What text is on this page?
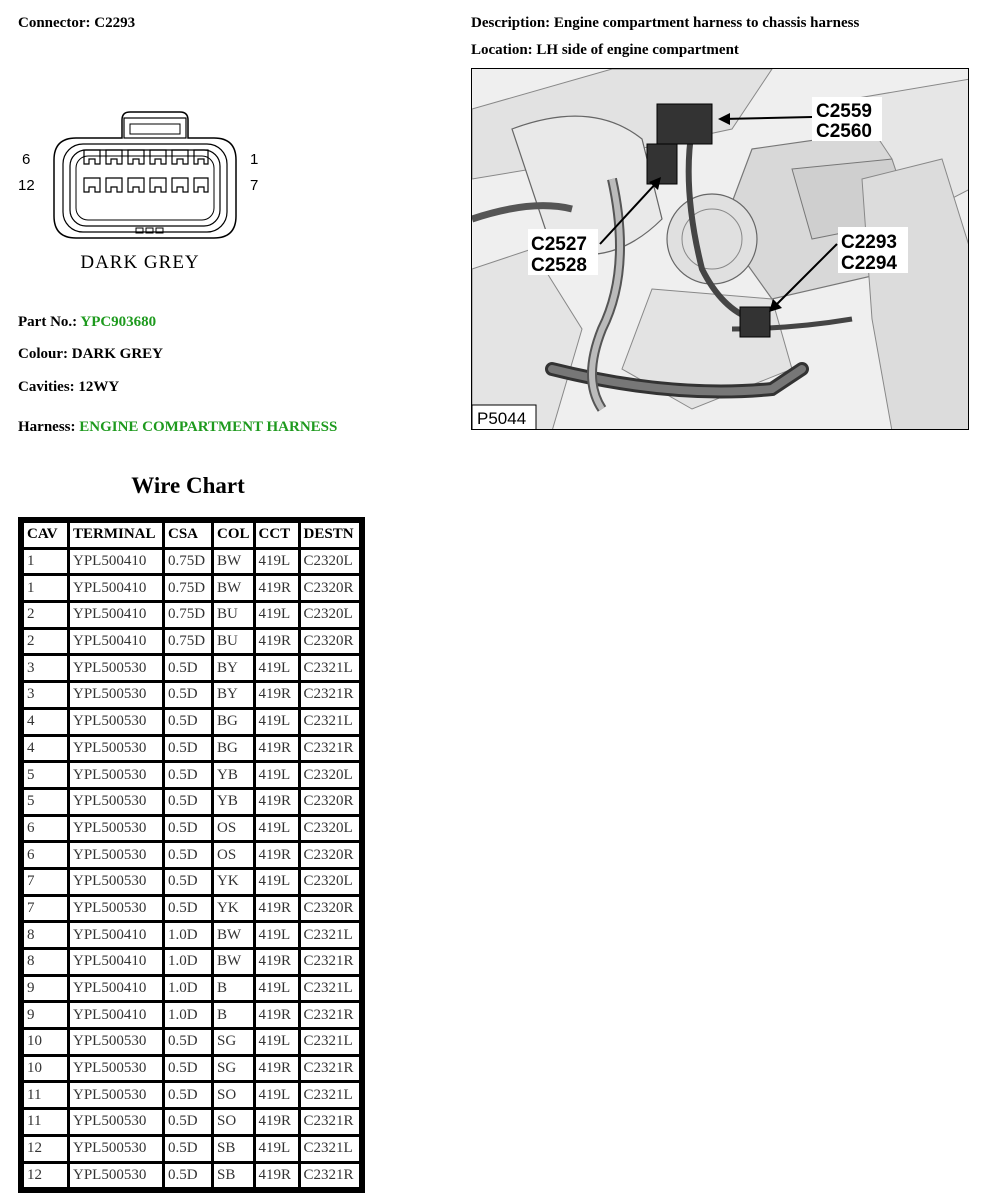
Connector: C2293	Description: Engine compartment harness to chassis harness
Location: LH side of engine compartment
6
12
1
7
DARK GREY
Part No.: YPC903680
Colour: DARK GREY
Cavities: 12WY
Harness: ENGINE COMPARTMENT HARNESS
C2559
C2560
C2527
C2528
C2293
C2294
P5044
Wire Chart
CAV	TERMINAL	CSA	COL	CCT	DESTN
1	YPL500410	0.75D	BW	419L	C2320L
1	YPL500410	0.75D	BW	419R	C2320R
2	YPL500410	0.75D	BU	419L	C2320L
2	YPL500410	0.75D	BU	419R	C2320R
3	YPL500530	0.5D	BY	419L	C2321L
3	YPL500530	0.5D	BY	419R	C2321R
4	YPL500530	0.5D	BG	419L	C2321L
4	YPL500530	0.5D	BG	419R	C2321R
5	YPL500530	0.5D	YB	419L	C2320L
5	YPL500530	0.5D	YB	419R	C2320R
6	YPL500530	0.5D	OS	419L	C2320L
6	YPL500530	0.5D	OS	419R	C2320R
7	YPL500530	0.5D	YK	419L	C2320L
7	YPL500530	0.5D	YK	419R	C2320R
8	YPL500410	1.0D	BW	419L	C2321L
8	YPL500410	1.0D	BW	419R	C2321R
9	YPL500410	1.0D	B	419L	C2321L
9	YPL500410	1.0D	B	419R	C2321R
10	YPL500530	0.5D	SG	419L	C2321L
10	YPL500530	0.5D	SG	419R	C2321R
11	YPL500530	0.5D	SO	419L	C2321L
11	YPL500530	0.5D	SO	419R	C2321R
12	YPL500530	0.5D	SB	419L	C2321L
12	YPL500530	0.5D	SB	419R	C2321R
